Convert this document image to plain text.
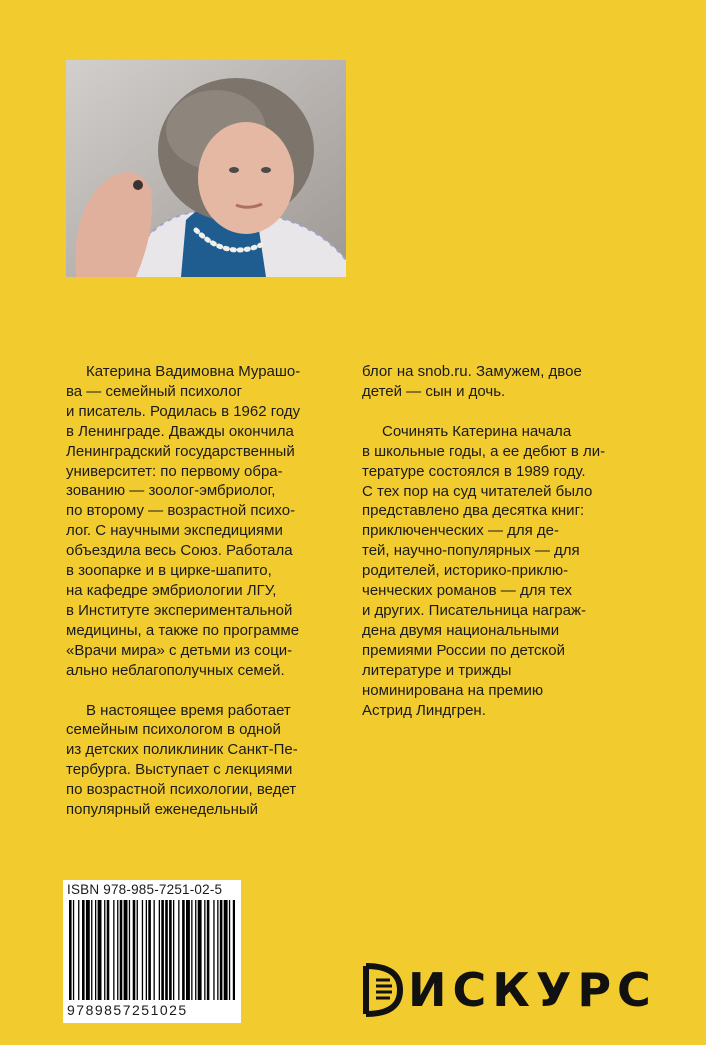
Катерина Вадимовна Мурашо-
ва — семейный психолог
и писатель. Родилась в 1962 году
в Ленинграде. Дважды окончила
Ленинградский государственный
университет: по первому обра-
зованию — зоолог-эмбриолог,
по второму — возрастной психо-
лог. С научными экспедициями
объездила весь Союз. Работала
в зоопарке и в цирке-шапито,
на кафедре эмбриологии ЛГУ,
в Институте экспериментальной
медицины, а также по программе
«Врачи мира» с детьми из соци-
ально неблагополучных семей.

В настоящее время работает
семейным психологом в одной
из детских поликлиник Санкт-Пе-
тербурга. Выступает с лекциями
по возрастной психологии, ведет
популярный еженедельный

блог на snob.ru. Замужем, двое
детей — сын и дочь.

Сочинять Катерина начала
в школьные годы, а ее дебют в ли-
тературе состоялся в 1989 году.
С тех пор на суд читателей было
представлено два десятка книг:
приключенческих — для де-
тей, научно-популярных — для
родителей, историко-приклю-
ченческих романов — для тех
и других. Писательница награж-
дена двумя национальными
премиями России по детской
литературе и трижды
номинирована на премию
Астрид Линдгрен.

ISBN 978-985-7251-02-5
9789857251025	ИСКУРС
